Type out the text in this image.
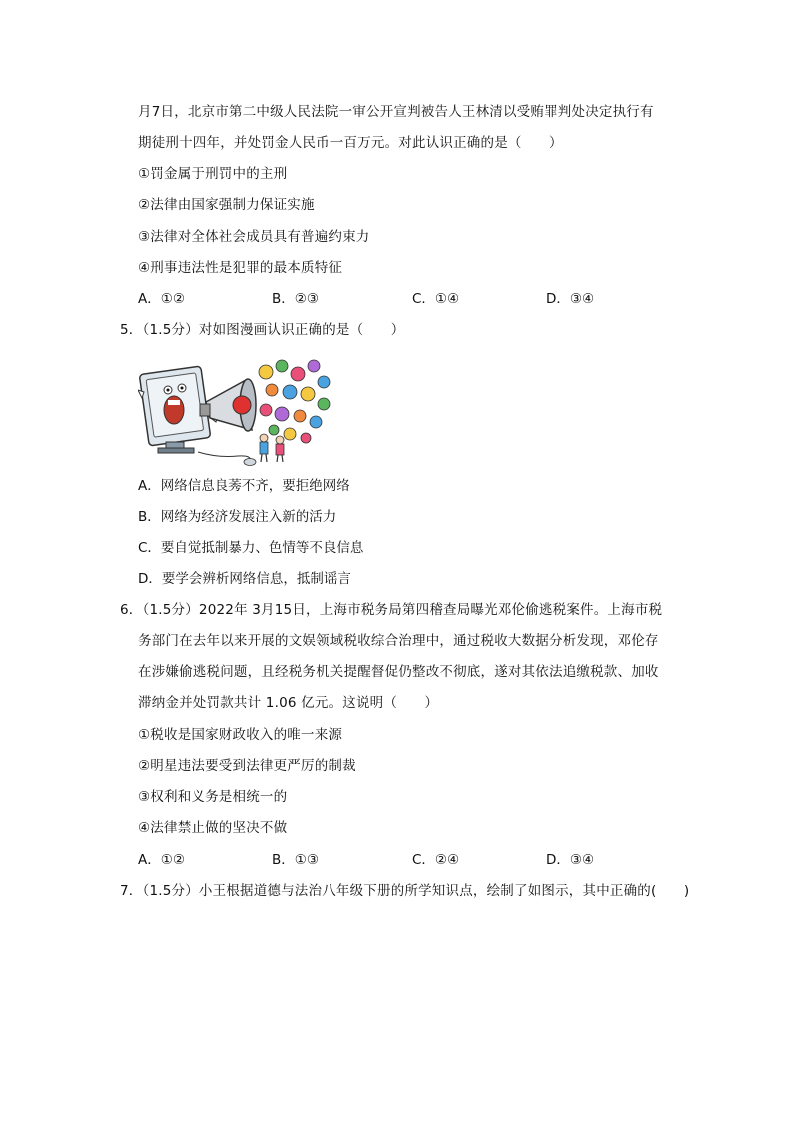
月7日，北京市第二中级人民法院一审公开宣判被告人王林清以受贿罪判处决定执行有
期徒刑十四年，并处罚金人民币一百万元。对此认识正确的是（　　）
①罚金属于刑罚中的主刑
②法律由国家强制力保证实施
③法律对全体社会成员具有普遍约束力
④刑事违法性是犯罪的最本质特征
A．①②	B．②③	C．①④	D．③④
5．（1.5分）对如图漫画认识正确的是（　　）
A．网络信息良莠不齐，要拒绝网络
B．网络为经济发展注入新的活力
C．要自觉抵制暴力、色情等不良信息
D．要学会辨析网络信息，抵制谣言
6．（1.5分）2022年 3月15日，上海市税务局第四稽查局曝光邓伦偷逃税案件。上海市税
务部门在去年以来开展的文娱领域税收综合治理中，通过税收大数据分析发现，邓伦存
在涉嫌偷逃税问题，且经税务机关提醒督促仍整改不彻底，遂对其依法追缴税款、加收
滞纳金并处罚款共计 1.06 亿元。这说明（　　）
①税收是国家财政收入的唯一来源
②明星违法要受到法律更严厉的制裁
③权利和义务是相统一的
④法律禁止做的坚决不做
A．①②	B．①③	C．②④	D．③④
7．（1.5分）小王根据道德与法治八年级下册的所学知识点，绘制了如图示，其中正确的(　　)
